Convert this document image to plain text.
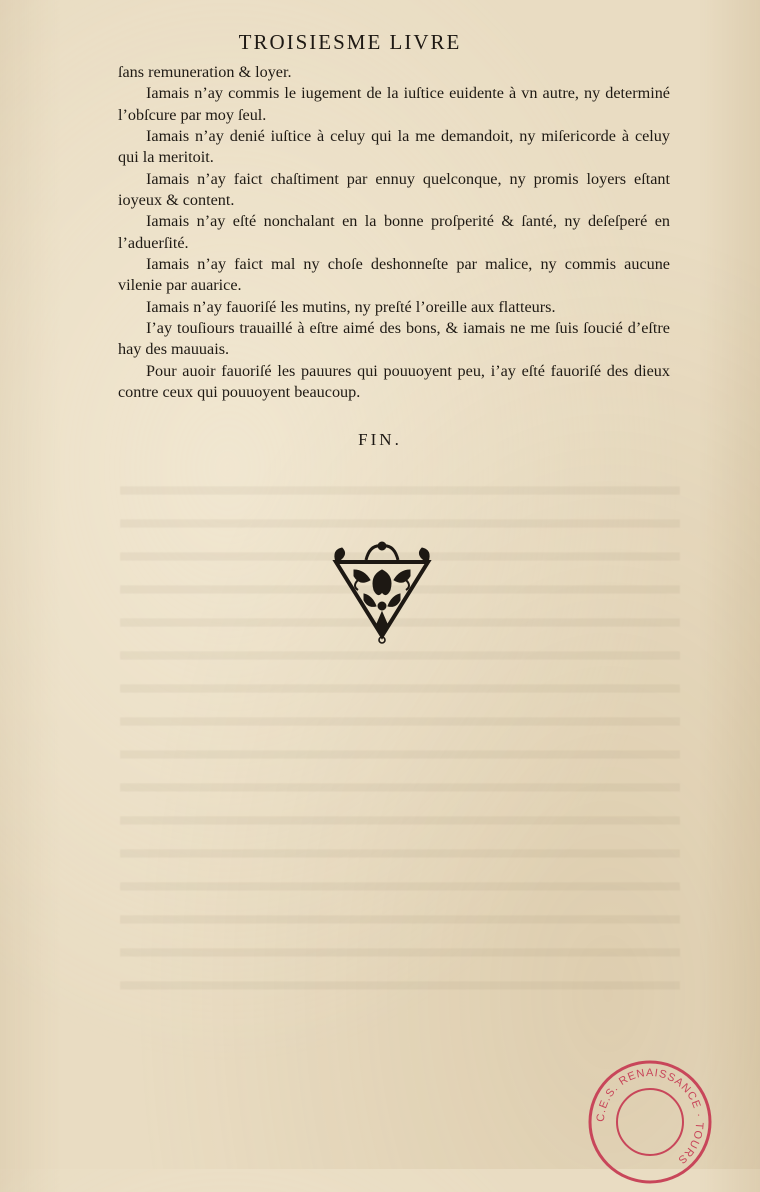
TROISIESME LIVRE

ſans remuneration & loyer.

Iamais n’ay commis le iugement de la iuſtice euidente à vn autre, ny determiné l’obſcure par moy ſeul.

Iamais n’ay denié iuſtice à celuy qui la me demandoit, ny miſericorde à celuy qui la meritoit.

Iamais n’ay faict chaſtiment par ennuy quelconque, ny promis loyers eſtant ioyeux & content.

Iamais n’ay eſté nonchalant en la bonne proſperité & ſanté, ny deſeſperé en l’aduerſité.

Iamais n’ay faict mal ny choſe deshonneſte par malice, ny commis aucune vilenie par auarice.

Iamais n’ay fauoriſé les mutins, ny preſté l’oreille aux flatteurs.

I’ay touſiours trauaillé à eſtre aimé des bons, & iamais ne me ſuis ſoucié d’eſtre hay des mauuais.

Pour auoir fauoriſé les pauures qui pouuoyent peu, i’ay eſté fauoriſé des dieux contre ceux qui pouuoyent beaucoup.

FIN.
C.E.S. RENAISSANCE · TOURS
